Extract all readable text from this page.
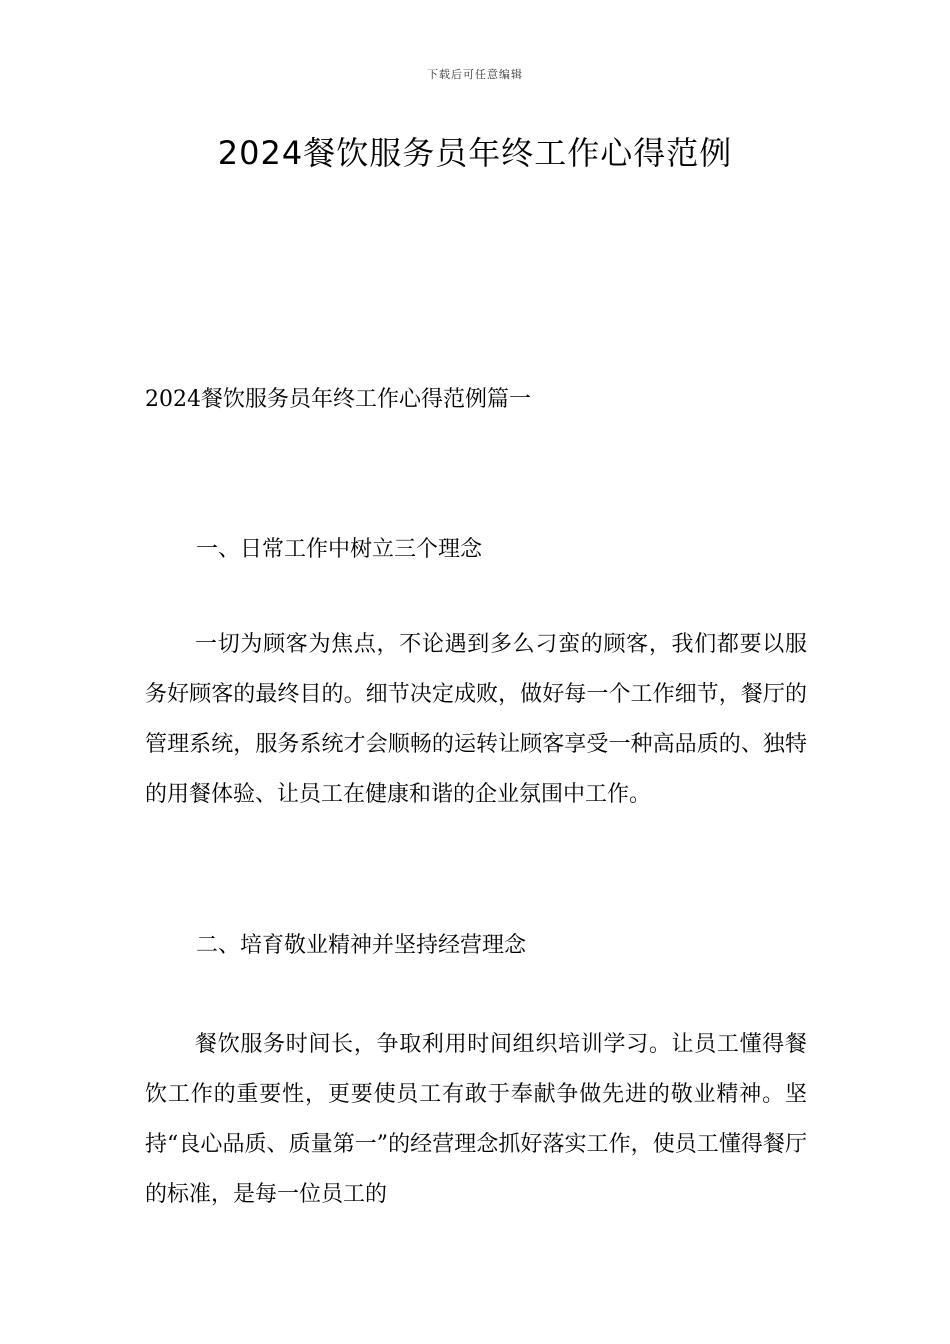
下载后可任意编辑
2024餐饮服务员年终工作心得范例
2024餐饮服务员年终工作心得范例篇一
一、日常工作中树立三个理念

一切为顾客为焦点，不论遇到多么刁蛮的顾客，我们都要以服务好顾客的最终目的。细节决定成败，做好每一个工作细节，餐厅的管理系统，服务系统才会顺畅的运转让顾客享受一种高品质的、独特的用餐体验、让员工在健康和谐的企业氛围中工作。

二、培育敬业精神并坚持经营理念

餐饮服务时间长，争取利用时间组织培训学习。让员工懂得餐饮工作的重要性，更要使员工有敢于奉献争做先进的敬业精神。坚持“良心品质、质量第一”的经营理念抓好落实工作，使员工懂得餐厅的标准，是每一位员工的
